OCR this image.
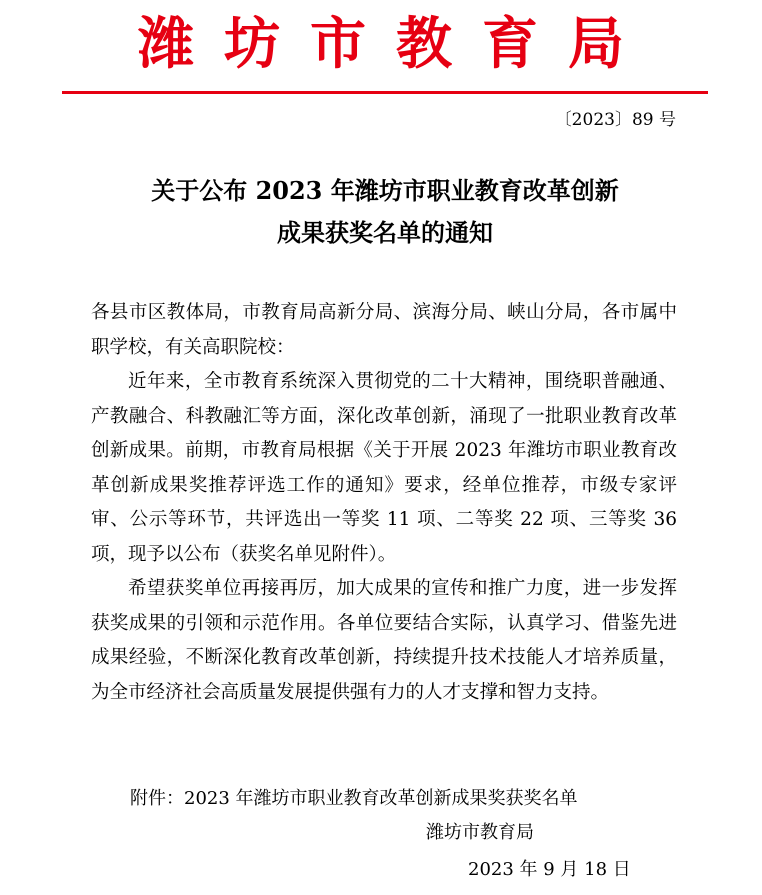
潍坊市教育局
〔2023〕89 号
关于公布 2023 年潍坊市职业教育改革创新
成果获奖名单的通知

各县市区教体局，市教育局高新分局、滨海分局、峡山分局，各市属中职学校，有关高职院校：

近年来，全市教育系统深入贯彻党的二十大精神，围绕职普融通、产教融合、科教融汇等方面，深化改革创新，涌现了一批职业教育改革创新成果。前期，市教育局根据《关于开展 2023 年潍坊市职业教育改革创新成果奖推荐评选工作的通知》要求，经单位推荐，市级专家评审、公示等环节，共评选出一等奖 11 项、二等奖 22 项、三等奖 36 项，现予以公布（获奖名单见附件）。

希望获奖单位再接再厉，加大成果的宣传和推广力度，进一步发挥获奖成果的引领和示范作用。各单位要结合实际，认真学习、借鉴先进成果经验，不断深化教育改革创新，持续提升技术技能人才培养质量，为全市经济社会高质量发展提供强有力的人才支撑和智力支持。

附件：2023 年潍坊市职业教育改革创新成果奖获奖名单
潍坊市教育局
2023 年 9 月 18 日
